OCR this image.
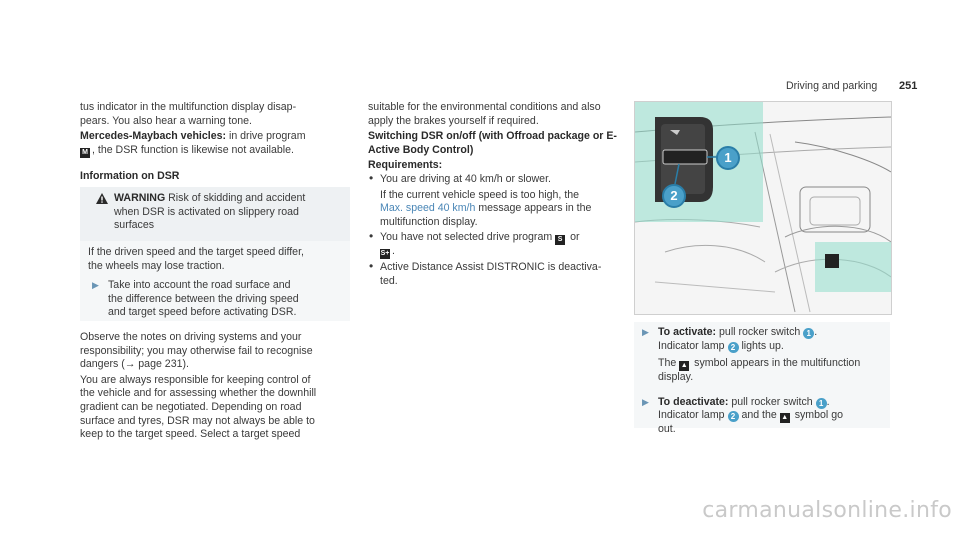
Driving and parking 251
tus indicator in the multifunction display disap-
pears. You also hear a warning tone.
Mercedes-Maybach vehicles: in drive program
M , the DSR function is likewise not available.
Information on DSR
WARNING Risk of skidding and accident
when DSR is activated on slippery road
surfaces
If the driven speed and the target speed differ,
the wheels may lose traction.
▶ Take into account the road surface and
the difference between the driving speed
and target speed before activating DSR.
Observe the notes on driving systems and your
responsibility; you may otherwise fail to recognise
dangers (→ page 231).
You are always responsible for keeping control of
the vehicle and for assessing whether the downhill
gradient can be negotiated. Depending on road
surface and tyres, DSR may not always be able to
keep to the target speed. Select a target speed
suitable for the environmental conditions and also
apply the brakes yourself if required.
Switching DSR on/off (with Offroad package or E-
Active Body Control)
Requirements:
• You are driving at 40 km/h or slower.
If the current vehicle speed is too high, the
Max. speed 40 km/h message appears in the
multifunction display.
• You have not selected drive program S or
S+ .
• Active Distance Assist DISTRONIC is deactiva-
ted.
1
2
▶ To activate: pull rocker switch 1 .
Indicator lamp 2 lights up.
The ▲ symbol appears in the multifunction
display.
▶ To deactivate: pull rocker switch 1 .
Indicator lamp 2 and the ▲ symbol go
out.
carmanualsonline.info
